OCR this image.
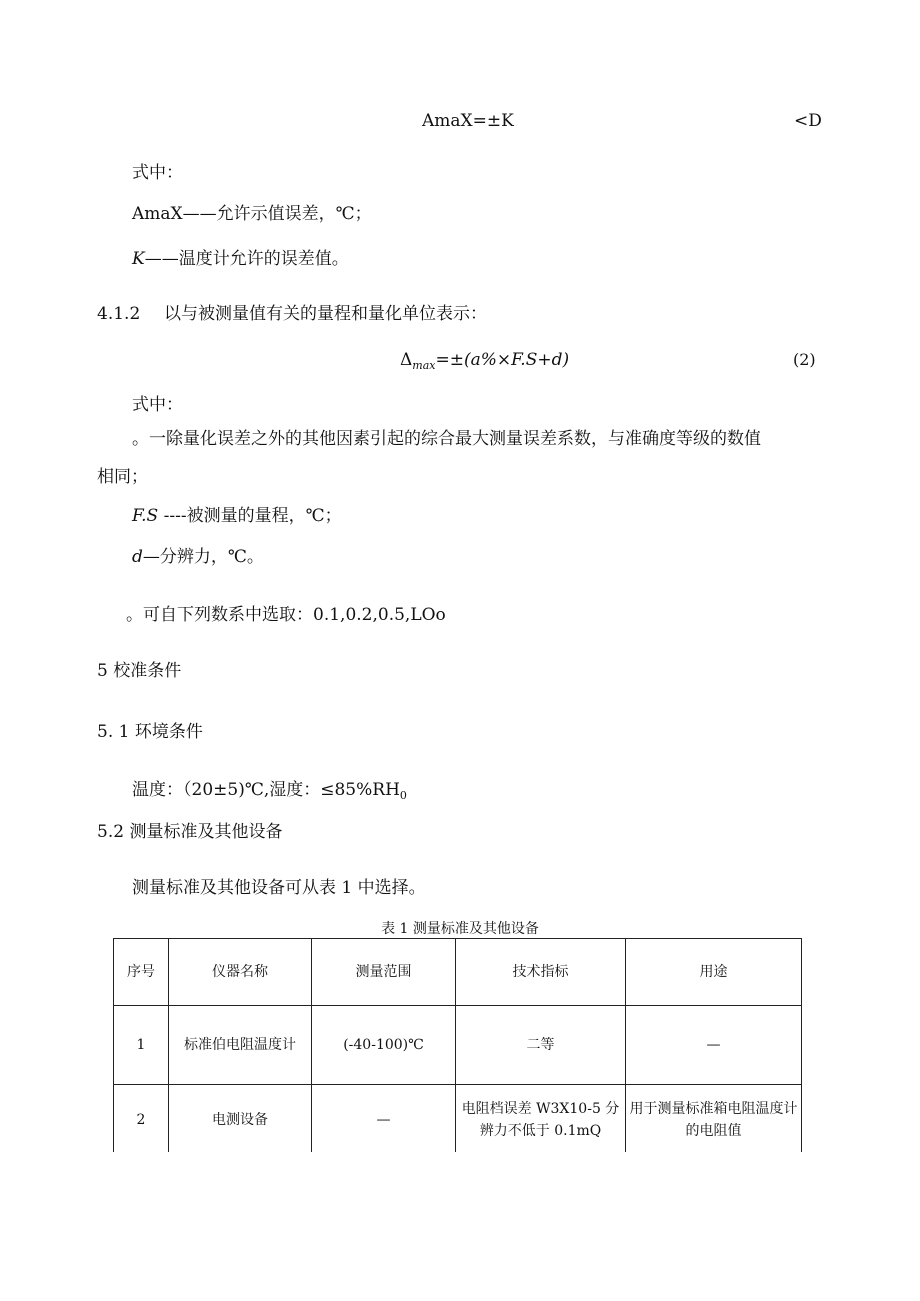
AmaX=±K	<D
式中：
AmaX——允许示值误差，℃；
K——温度计允许的误差值。
4.1.2 以与被测量值有关的量程和量化单位表示：
$\Delta_{max}=\pm(a\%\times F.S+d)$	(2)
式中：
。一除量化误差之外的其他因素引起的综合最大测量误差系数，与准确度等级的数值
相同；
F.S ----被测量的量程，℃；
d—分辨力，℃。
。可自下列数系中选取：0.1,0.2,0.5,LOo
5 校准条件
5. 1 环境条件
温度：（20±5)℃,湿度：$\le 85\%RH_0$
5.2 测量标准及其他设备
测量标准及其他设备可从表 1 中选择。
表 1 测量标准及其他设备
序号	仪器名称	测量范围	技术指标	用途
1	标准伯电阻温度计	(-40-100)℃	二等	—
2	电测设备	—	电阻档误差 W3X10-5 分辨力不低于 0.1mQ	用于测量标准箱电阻温度计的电阻值
